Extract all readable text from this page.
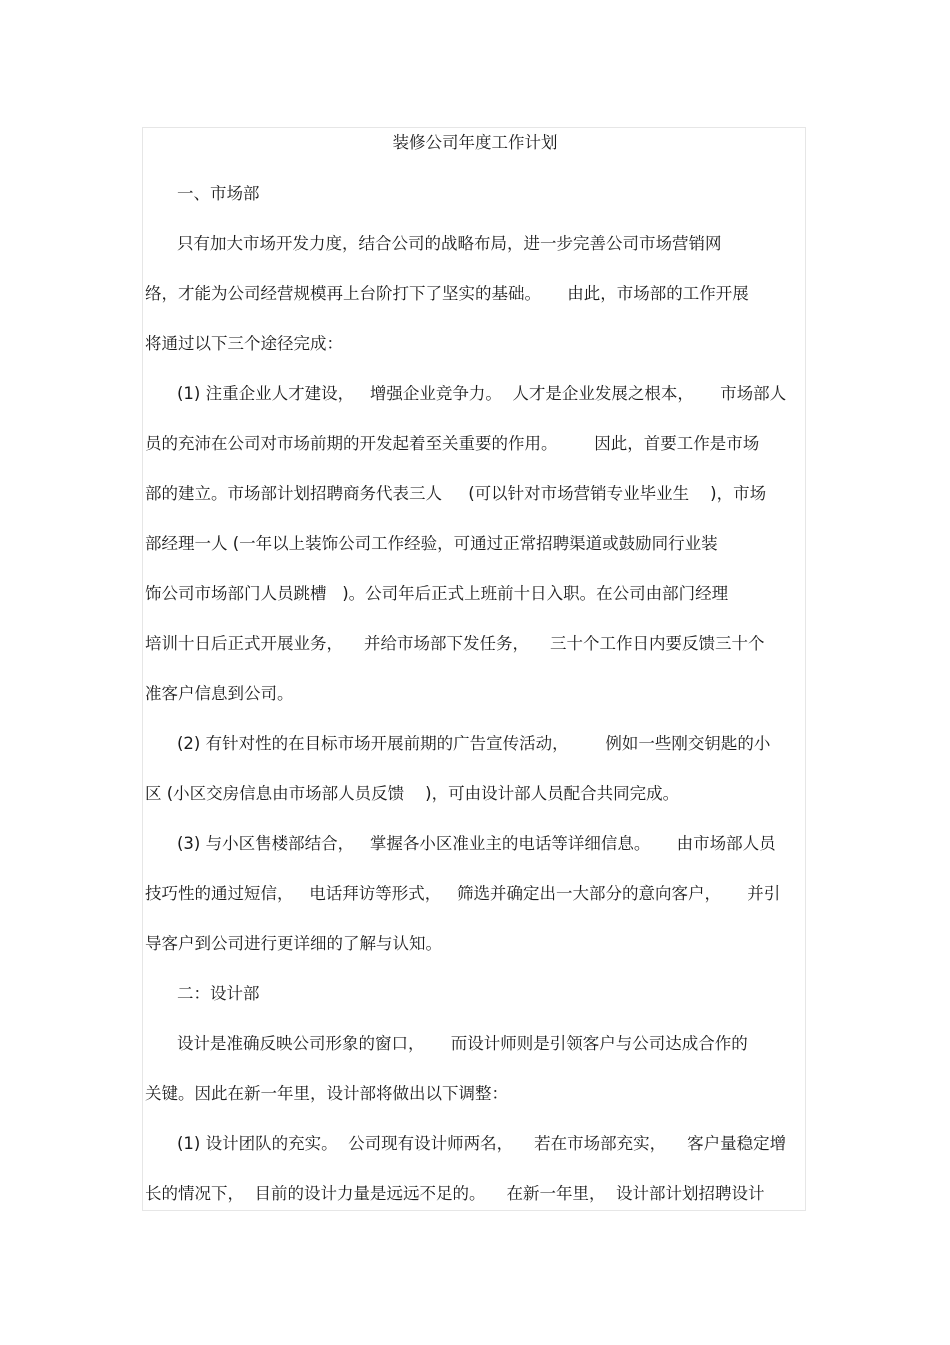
装修公司年度工作计划
一、市场部
只有加大市场开发力度，结合公司的战略布局，进一步完善公司市场营销网
络，才能为公司经营规模再上台阶打下了坚实的基础。     由此，市场部的工作开展
将通过以下三个途径完成：
(1) 注重企业人才建设，   增强企业竞争力。  人才是企业发展之根本，     市场部人
员的充沛在公司对市场前期的开发起着至关重要的作用。       因此，首要工作是市场
部的建立。市场部计划招聘商务代表三人     (可以针对市场营销专业毕业生    )，市场
部经理一人 (一年以上装饰公司工作经验，可通过正常招聘渠道或鼓励同行业装
饰公司市场部门人员跳槽   )。公司年后正式上班前十日入职。在公司由部门经理
培训十日后正式开展业务，    并给市场部下发任务，    三十个工作日内要反馈三十个
准客户信息到公司。
(2) 有针对性的在目标市场开展前期的广告宣传活动，       例如一些刚交钥匙的小
区 (小区交房信息由市场部人员反馈    )，可由设计部人员配合共同完成。
(3) 与小区售楼部结合，   掌握各小区准业主的电话等详细信息。     由市场部人员
技巧性的通过短信，   电话拜访等形式，   筛选并确定出一大部分的意向客户，     并引
导客户到公司进行更详细的了解与认知。
二：设计部
设计是准确反映公司形象的窗口，     而设计师则是引领客户与公司达成合作的
关键。因此在新一年里，设计部将做出以下调整：
(1) 设计团队的充实。  公司现有设计师两名，    若在市场部充实，    客户量稳定增
长的情况下，  目前的设计力量是远远不足的。    在新一年里，  设计部计划招聘设计
